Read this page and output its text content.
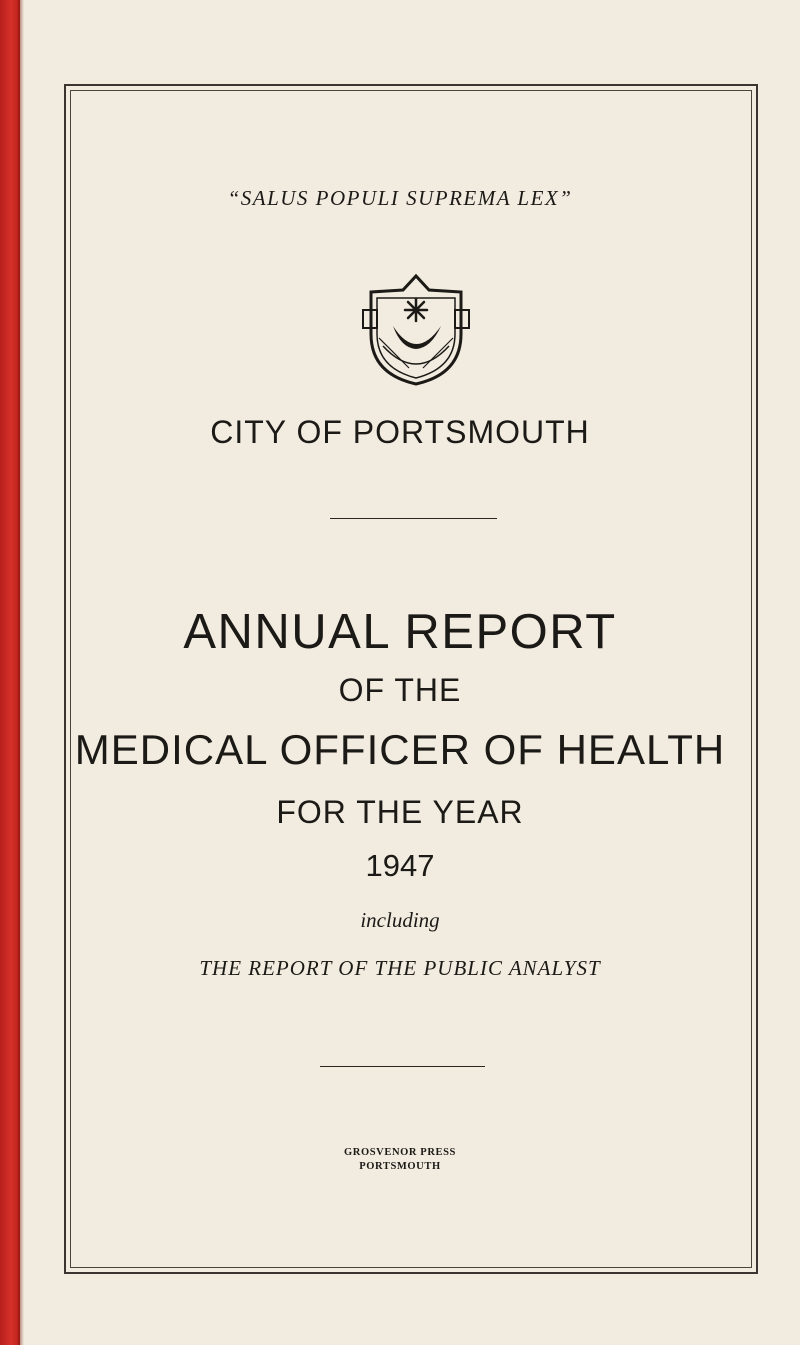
“SALUS POPULI SUPREMA LEX”
CITY OF PORTSMOUTH
ANNUAL REPORT
OF THE
MEDICAL OFFICER OF HEALTH
FOR THE YEAR
1947
including
THE REPORT OF THE PUBLIC ANALYST
GROSVENOR PRESS
PORTSMOUTH
